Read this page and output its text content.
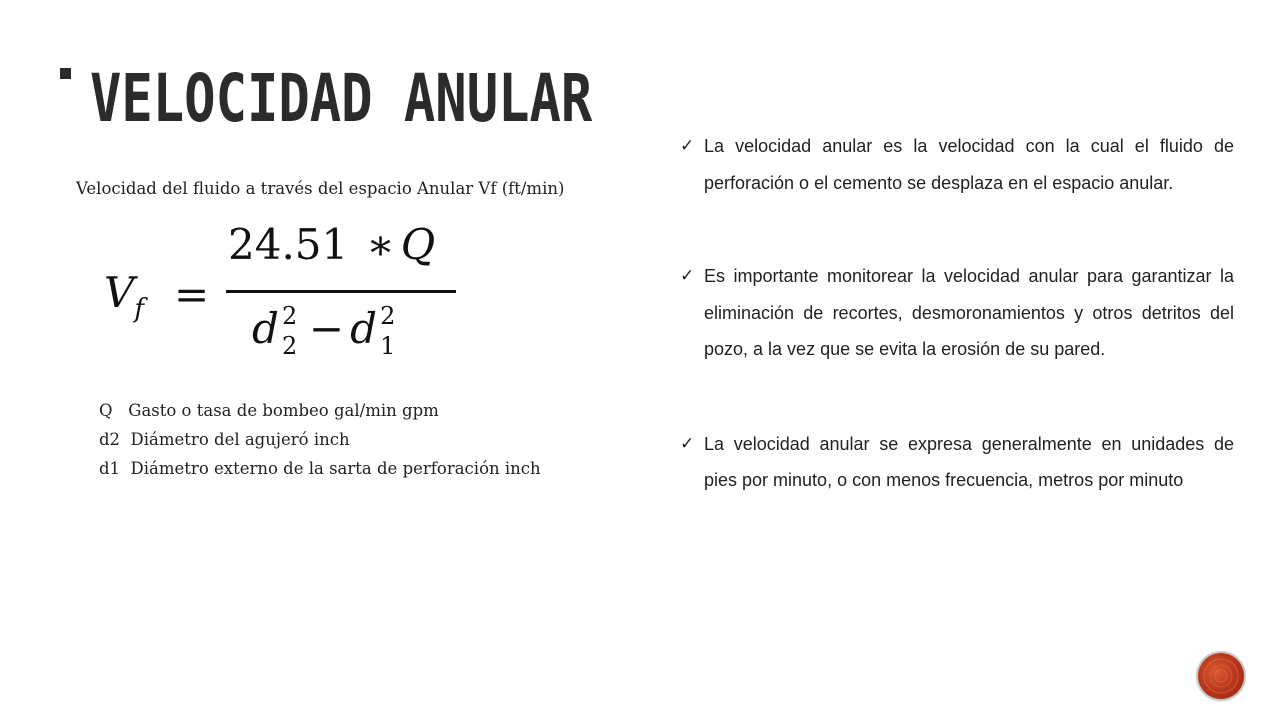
VELOCIDAD ANULAR

Velocidad del fluido a través del espacio Anular Vf (ft/min)

$V_f$ =
24.51 ∗ Q
d 2
2 − d 2
1
Q   Gasto o tasa de bombeo gal/min gpm
d2  Diámetro del agujeró inch
d1  Diámetro externo de la sarta de perforación inch
✓ La velocidad anular es la velocidad con la cual el fluido de perforación o el cemento se desplaza en el espacio anular.
✓ Es importante monitorear la velocidad anular para garantizar la eliminación de recortes, desmoronamientos y otros detritos del pozo, a la vez que se evita la erosión de su pared.
✓ La velocidad anular se expresa generalmente en unidades de pies por minuto, o con menos frecuencia, metros por minuto
